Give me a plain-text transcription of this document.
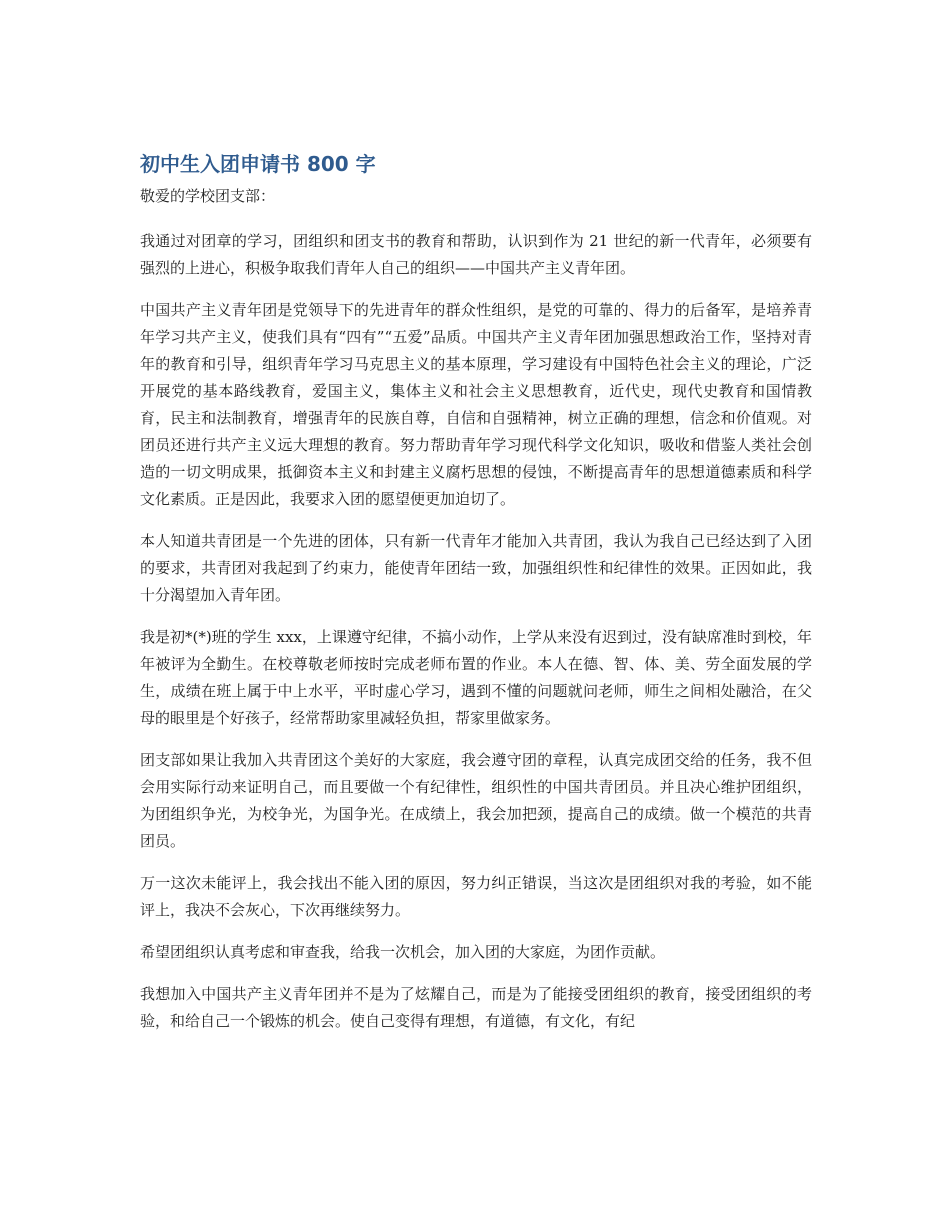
初中生入团申请书 800 字

敬爱的学校团支部：

我通过对团章的学习，团组织和团支书的教育和帮助，认识到作为 21 世纪的新一代青年，必须要有强烈的上进心，积极争取我们青年人自己的组织——中国共产主义青年团。

中国共产主义青年团是党领导下的先进青年的群众性组织，是党的可靠的、得力的后备军，是培养青年学习共产主义，使我们具有“四有”“五爱”品质。中国共产主义青年团加强思想政治工作，坚持对青年的教育和引导，组织青年学习马克思主义的基本原理，学习建设有中国特色社会主义的理论，广泛开展党的基本路线教育，爱国主义，集体主义和社会主义思想教育，近代史，现代史教育和国情教育，民主和法制教育，增强青年的民族自尊，自信和自强精神，树立正确的理想，信念和价值观。对团员还进行共产主义远大理想的教育。努力帮助青年学习现代科学文化知识，吸收和借鉴人类社会创造的一切文明成果，抵御资本主义和封建主义腐朽思想的侵蚀，不断提高青年的思想道德素质和科学文化素质。正是因此，我要求入团的愿望便更加迫切了。

本人知道共青团是一个先进的团体，只有新一代青年才能加入共青团，我认为我自己已经达到了入团的要求，共青团对我起到了约束力，能使青年团结一致，加强组织性和纪律性的效果。正因如此，我十分渴望加入青年团。

我是初*(*)班的学生 xxx，上课遵守纪律，不搞小动作，上学从来没有迟到过，没有缺席准时到校，年年被评为全勤生。在校尊敬老师按时完成老师布置的作业。本人在德、智、体、美、劳全面发展的学生，成绩在班上属于中上水平，平时虚心学习，遇到不懂的问题就问老师，师生之间相处融洽，在父母的眼里是个好孩子，经常帮助家里减轻负担，帮家里做家务。

团支部如果让我加入共青团这个美好的大家庭，我会遵守团的章程，认真完成团交给的任务，我不但会用实际行动来证明自己，而且要做一个有纪律性，组织性的中国共青团员。并且决心维护团组织，为团组织争光，为校争光，为国争光。在成绩上，我会加把颈，提高自己的成绩。做一个模范的共青团员。

万一这次未能评上，我会找出不能入团的原因，努力纠正错误，当这次是团组织对我的考验，如不能评上，我决不会灰心，下次再继续努力。

希望团组织认真考虑和审查我，给我一次机会，加入团的大家庭，为团作贡献。

我想加入中国共产主义青年团并不是为了炫耀自己，而是为了能接受团组织的教育，接受团组织的考验，和给自己一个锻炼的机会。使自己变得有理想，有道德，有文化，有纪
